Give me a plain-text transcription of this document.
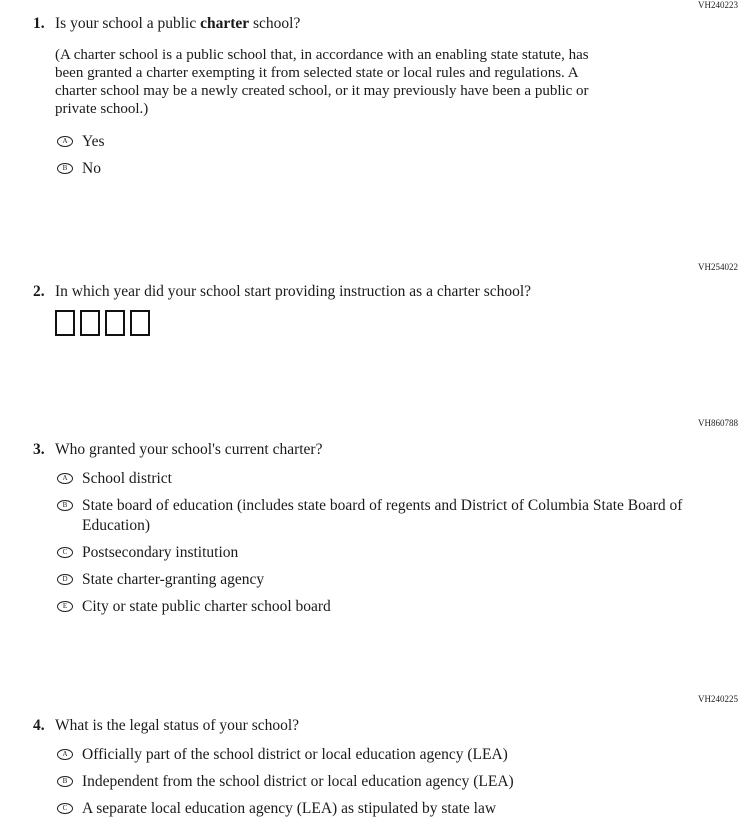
VH240223
1. Is your school a public charter school?
(A charter school is a public school that, in accordance with an enabling state statute, has been granted a charter exempting it from selected state or local rules and regulations. A charter school may be a newly created school, or it may previously have been a public or private school.)
A Yes
B No
VH254022
2. In which year did your school start providing instruction as a charter school?
VH860788
3. Who granted your school's current charter?
A School district
B State board of education (includes state board of regents and District of Columbia State Board of Education)
C Postsecondary institution
D State charter-granting agency
E City or state public charter school board
VH240225
4. What is the legal status of your school?
A Officially part of the school district or local education agency (LEA)
B Independent from the school district or local education agency (LEA)
C A separate local education agency (LEA) as stipulated by state law
